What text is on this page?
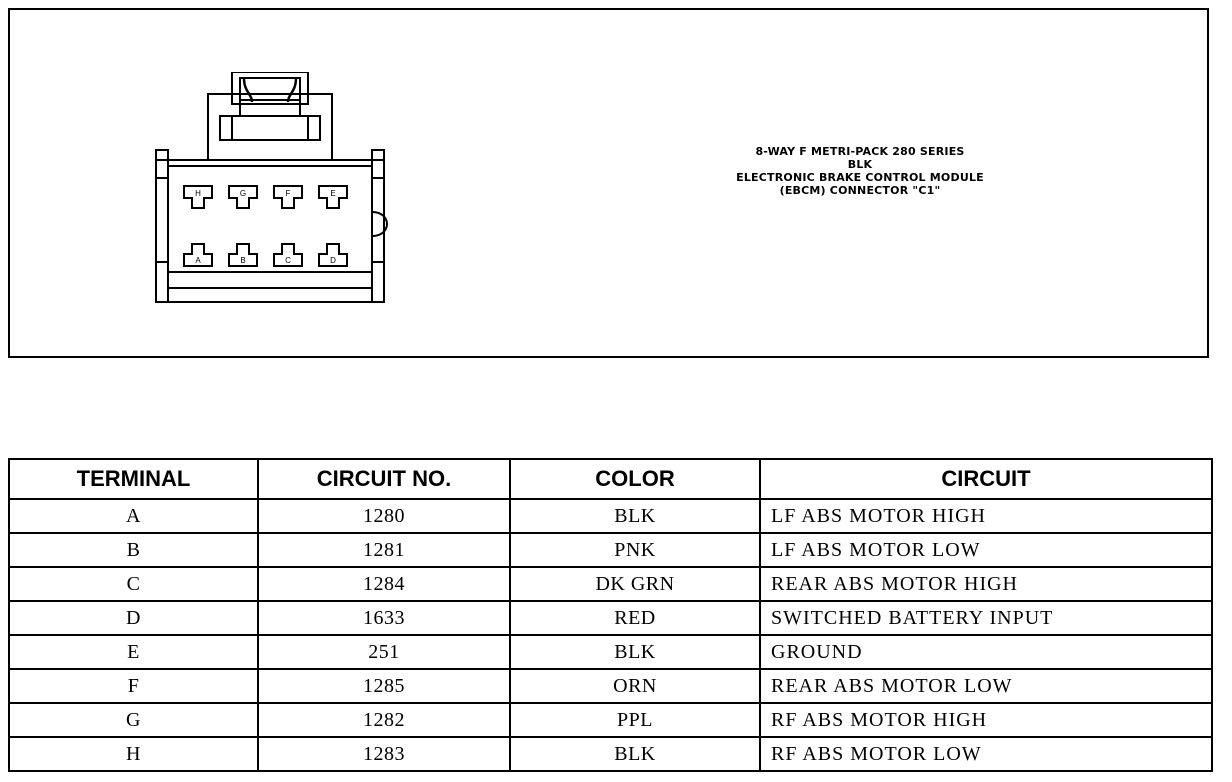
H	G	F	E
A	B	C	D
8-WAY F METRI-PACK 280 SERIES
BLK
ELECTRONIC BRAKE CONTROL MODULE
(EBCM) CONNECTOR "C1"
TERMINAL	CIRCUIT NO.	COLOR	CIRCUIT
A	1280	BLK	LF ABS MOTOR HIGH
B	1281	PNK	LF ABS MOTOR LOW
C	1284	DK GRN	REAR ABS MOTOR HIGH
D	1633	RED	SWITCHED BATTERY INPUT
E	251	BLK	GROUND
F	1285	ORN	REAR ABS MOTOR LOW
G	1282	PPL	RF ABS MOTOR HIGH
H	1283	BLK	RF ABS MOTOR LOW
